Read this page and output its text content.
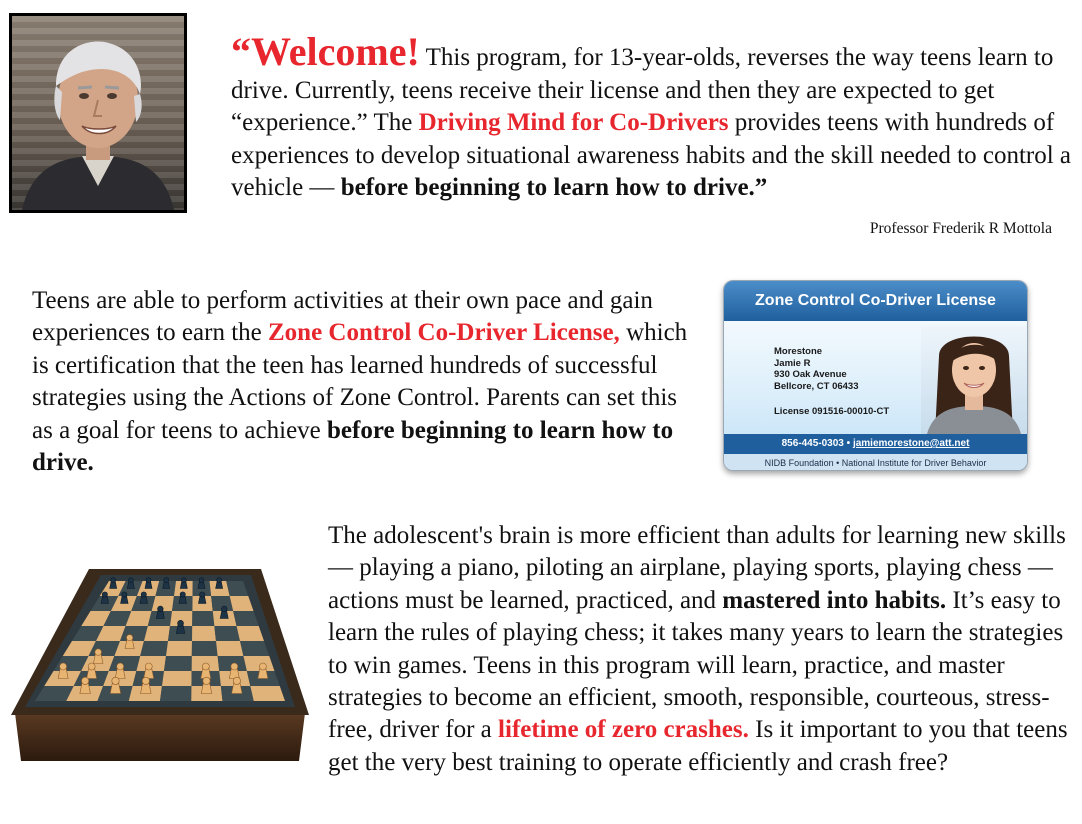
“Welcome! This program, for 13-year-olds, reverses the way teens learn to drive. Currently, teens receive their license and then they are expected to get “experience.” The Driving Mind for Co-Drivers provides teens with hundreds of experiences to develop situational awareness habits and the skill needed to control a vehicle — before beginning to learn how to drive.”
Professor Frederik R Mottola
Teens are able to perform activities at their own pace and gain experiences to earn the Zone Control Co-Driver License, which is certification that the teen has learned hundreds of successful strategies using the Actions of Zone Control. Parents can set this as a goal for teens to achieve before beginning to learn how to drive.
Zone Control Co-Driver License
Morestone
Jamie R
930 Oak Avenue
Bellcore, CT 06433
License 091516-00010-CT
856-445-0303 • jamiemorestone@att.net
NIDB Foundation • National Institute for Driver Behavior
The adolescent's brain is more efficient than adults for learning new skills — playing a piano, piloting an airplane, playing sports, playing chess — actions must be learned, practiced, and mastered into habits. It’s easy to learn the rules of playing chess; it takes many years to learn the strategies to win games. Teens in this program will learn, practice, and master strategies to become an efficient, smooth, responsible, courteous, stress-free, driver for a lifetime of zero crashes. Is it important to you that teens get the very best training to operate efficiently and crash free?
